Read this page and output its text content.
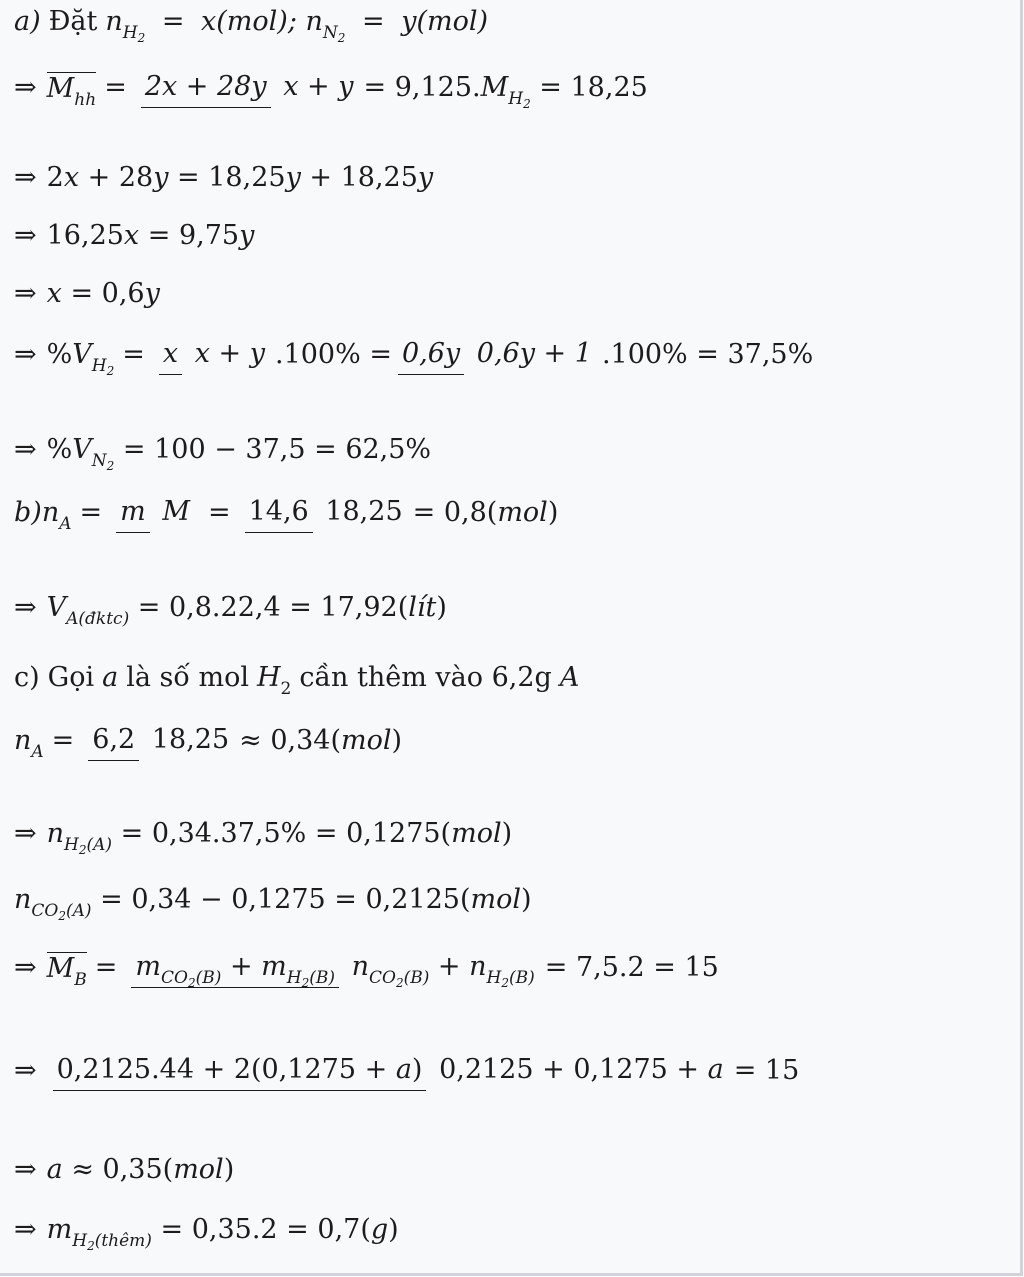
a) Đặt $n_{H_2} = x(mol)$; $n_{N_2} = y(mol)$
⇒ $M_{hh} = 2x + 28y$ $x + y = 9,125.M_{H_2} = 18,25$
⇒ 2x + 28y = 18,25y + 18,25y
⇒ 16,25x = 9,75y
⇒ x = 0,6y
⇒ $\%V_{H_2}$
= x x + y .100% = 0,6y 0,6y + 1 .100% = 37,5%
⇒ $\%V_{N_2} = 100 - 37,5 = 62,5\%$
b) $n_A = m$ M = 14,6 18,25 = 0,8(mol)
⇒ $V_{A(đktc)} = 0,8.22,4$ = 17,92(lít)
c) Gọi a là số mol $H_2$ cần thêm vào 6,2g A
$n_A = 6,2$ 18,25 ≈ 0,34(mol)
⇒ $n_{H_2(A)} = 0,34.37,5\% = 0,1275(mol)$
$n_{CO_2(A)} = 0,34 - 0,1275 = 0,2125(mol)$
⇒ $M_B = m_{CO_2(B)} + m_{H_2(B)}$ $n_{CO_2(B)} + n_{H_2(B)} = 7,5.2 = 15$
⇒ 0,2125.44 + 2(0,1275 + a) 0,2125 + 0,1275 + a = 15
⇒ a ≈ 0,35(mol)
⇒ $m_{H_2(thêm)} = 0,35.2 = 0,7(g)$
